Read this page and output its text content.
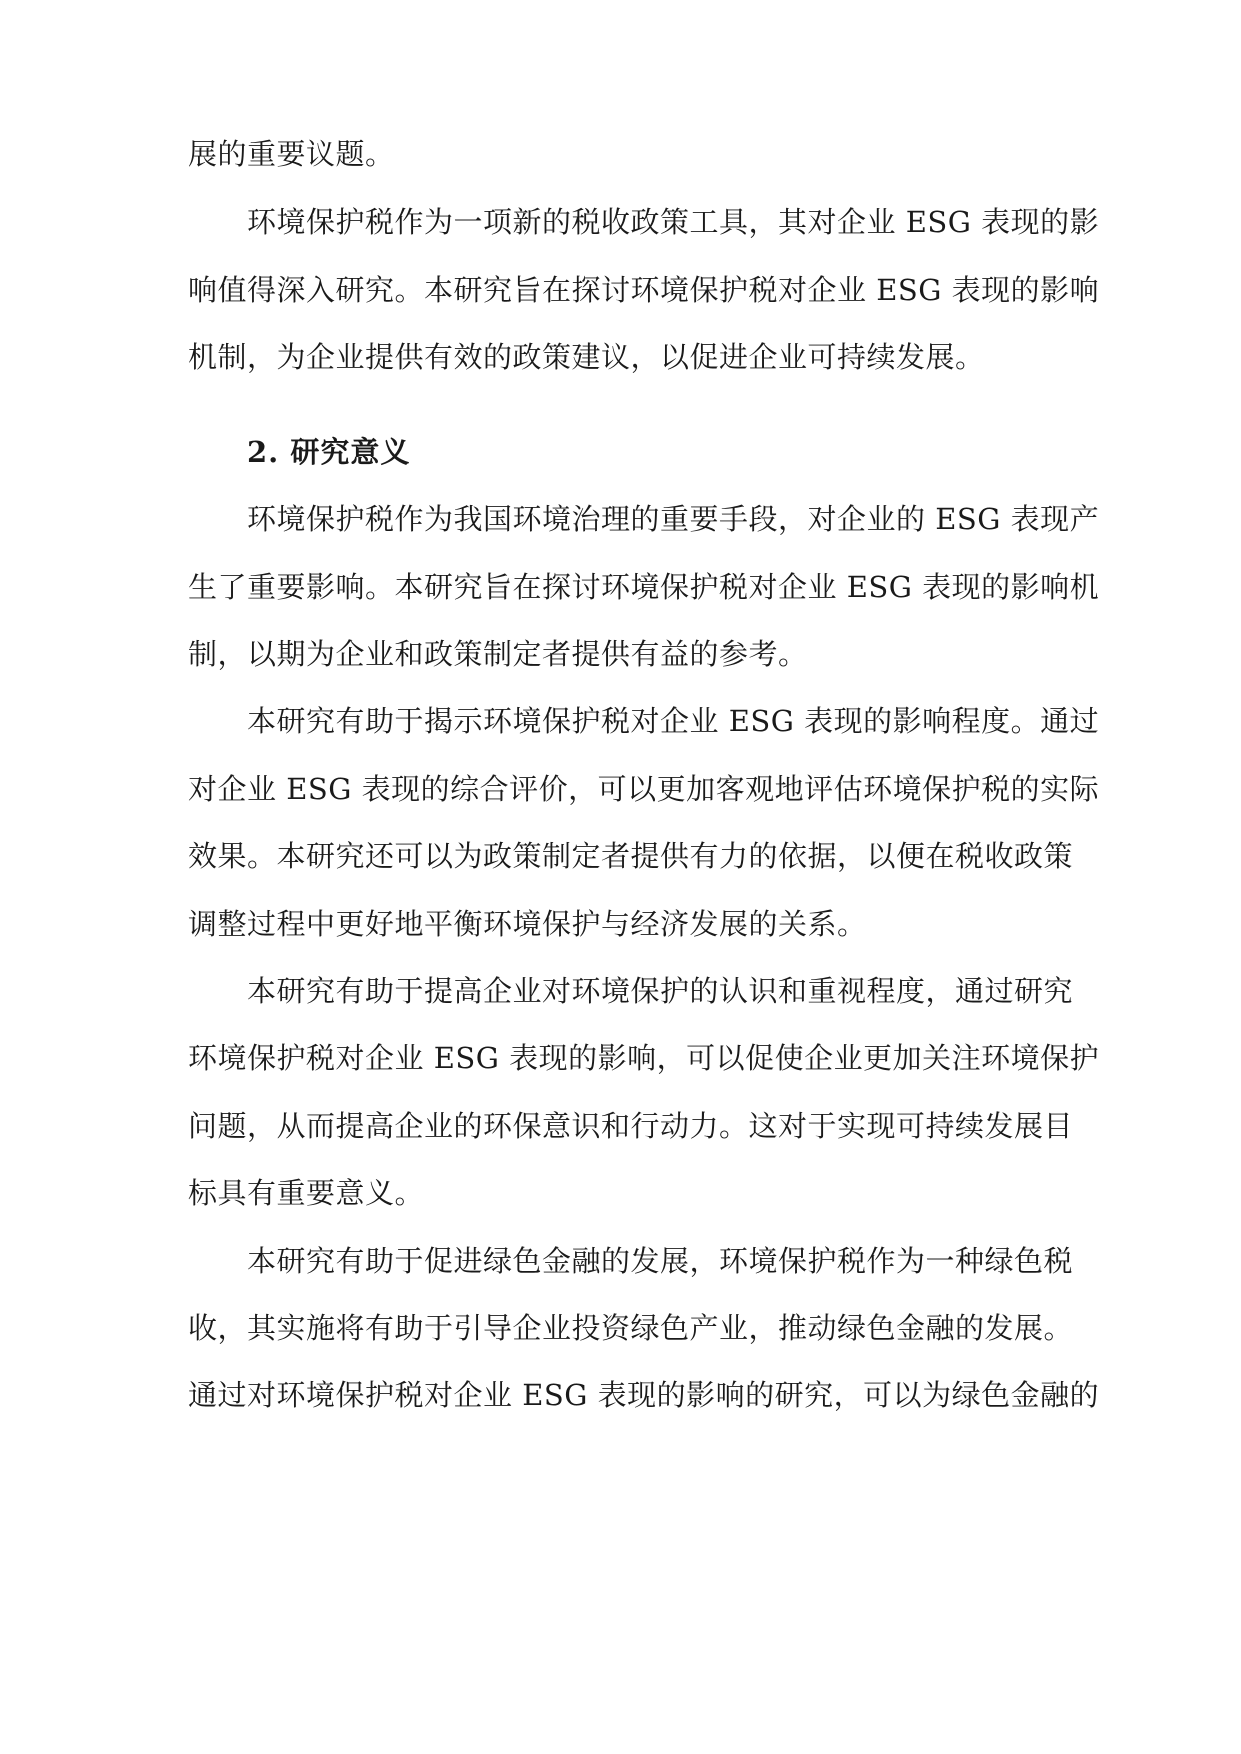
展的重要议题。
环境保护税作为一项新的税收政策工具，其对企业 ESG 表现的影
响值得深入研究。本研究旨在探讨环境保护税对企业 ESG 表现的影响
机制，为企业提供有效的政策建议，以促进企业可持续发展。
2. 研究意义
环境保护税作为我国环境治理的重要手段，对企业的 ESG 表现产
生了重要影响。本研究旨在探讨环境保护税对企业 ESG 表现的影响机
制，以期为企业和政策制定者提供有益的参考。
本研究有助于揭示环境保护税对企业 ESG 表现的影响程度。通过
对企业 ESG 表现的综合评价，可以更加客观地评估环境保护税的实际
效果。本研究还可以为政策制定者提供有力的依据，以便在税收政策
调整过程中更好地平衡环境保护与经济发展的关系。
本研究有助于提高企业对环境保护的认识和重视程度，通过研究
环境保护税对企业 ESG 表现的影响，可以促使企业更加关注环境保护
问题，从而提高企业的环保意识和行动力。这对于实现可持续发展目
标具有重要意义。
本研究有助于促进绿色金融的发展，环境保护税作为一种绿色税
收，其实施将有助于引导企业投资绿色产业，推动绿色金融的发展。
通过对环境保护税对企业 ESG 表现的影响的研究，可以为绿色金融的
